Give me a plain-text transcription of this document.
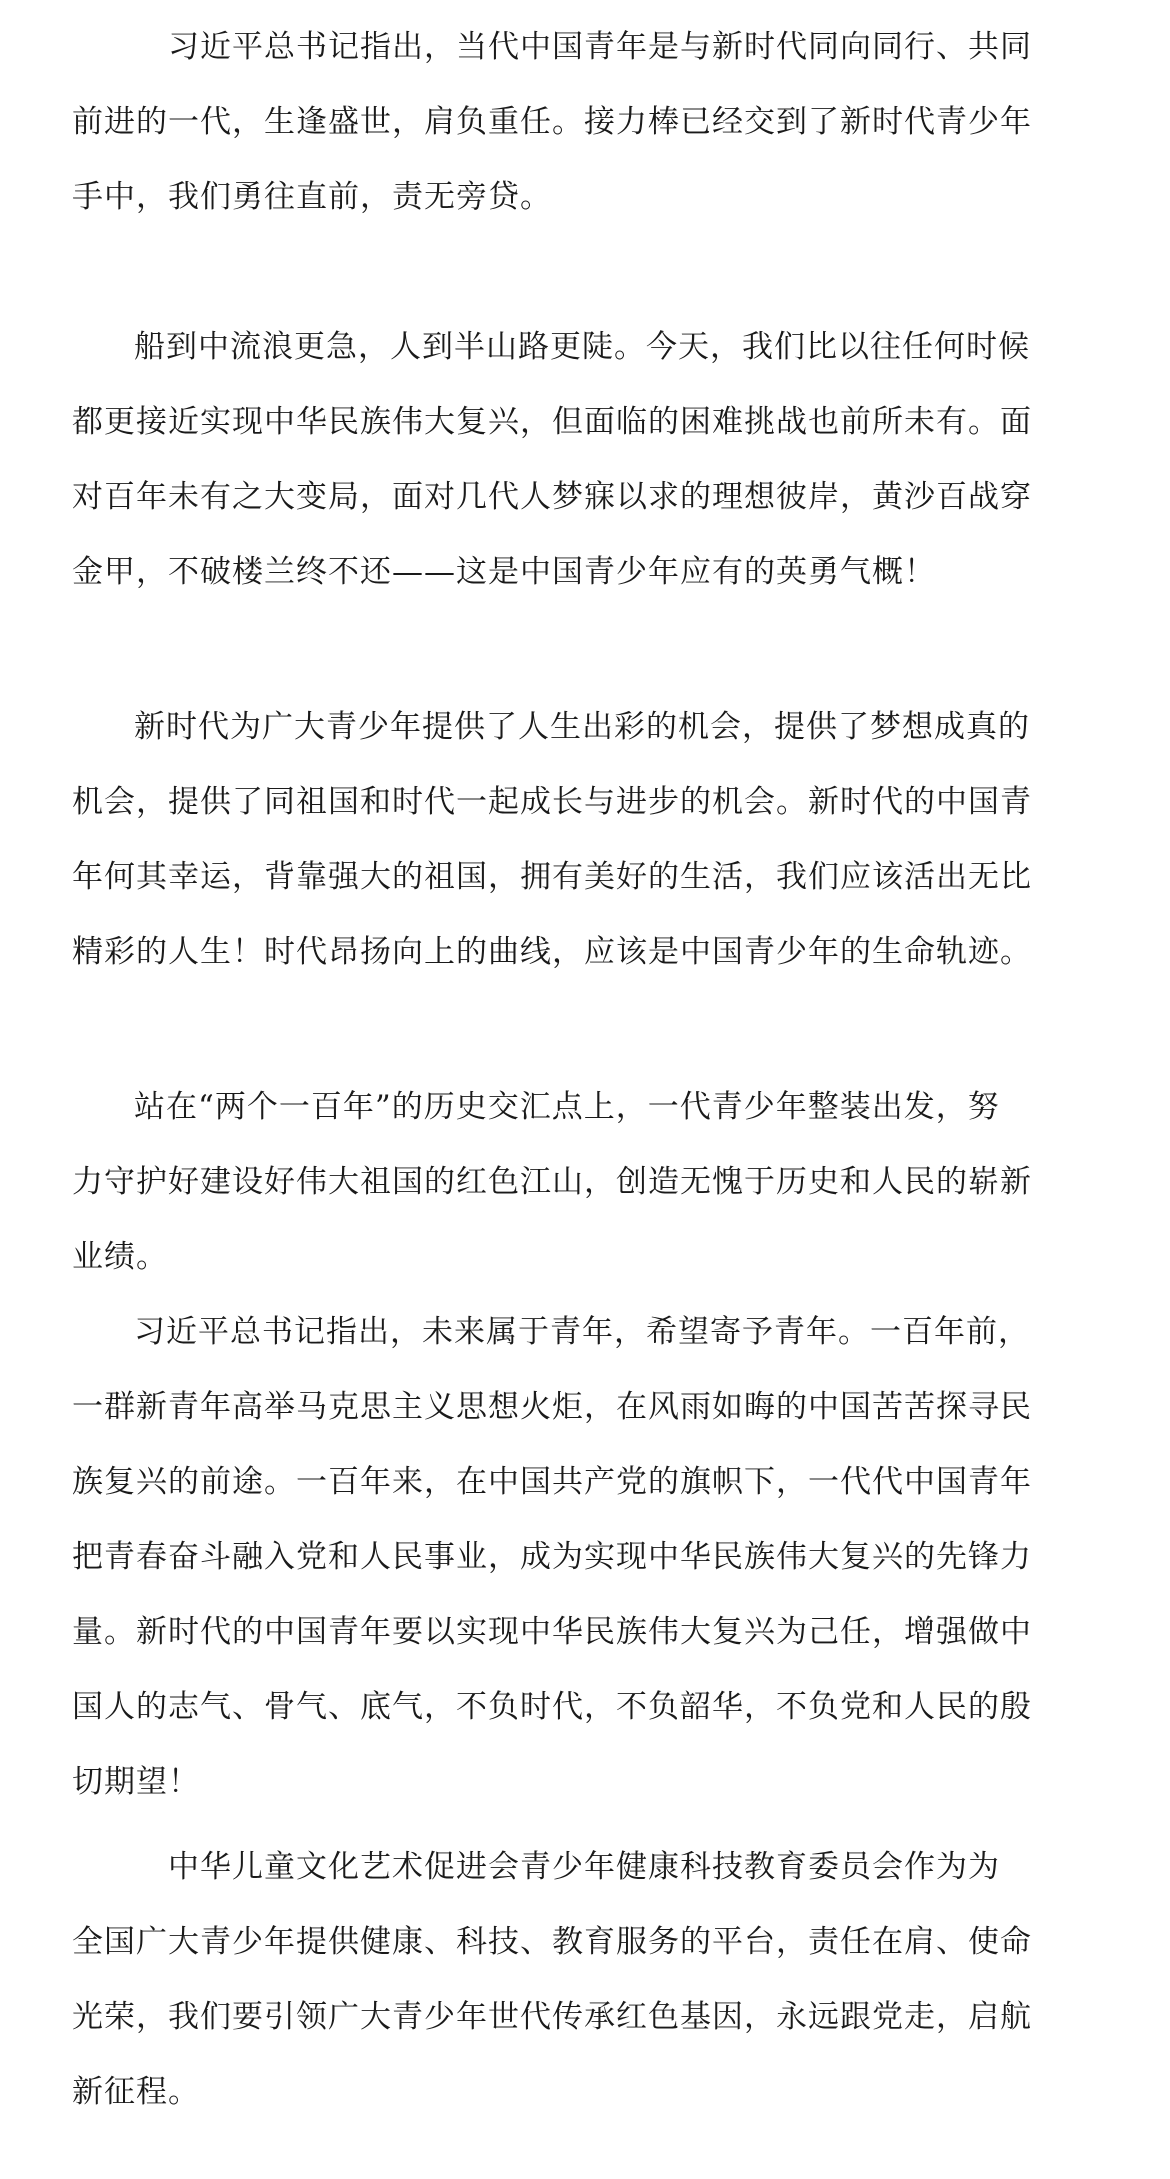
习近平总书记指出，当代中国青年是与新时代同向同行、共同
前进的一代，生逢盛世，肩负重任。接力棒已经交到了新时代青少年
手中，我们勇往直前，责无旁贷。

船到中流浪更急，人到半山路更陡。今天，我们比以往任何时候
都更接近实现中华民族伟大复兴，但面临的困难挑战也前所未有。面
对百年未有之大变局，面对几代人梦寐以求的理想彼岸，黄沙百战穿
金甲，不破楼兰终不还——这是中国青少年应有的英勇气概！

新时代为广大青少年提供了人生出彩的机会，提供了梦想成真的
机会，提供了同祖国和时代一起成长与进步的机会。新时代的中国青
年何其幸运，背靠强大的祖国，拥有美好的生活，我们应该活出无比
精彩的人生！时代昂扬向上的曲线，应该是中国青少年的生命轨迹。

站在“两个一百年”的历史交汇点上，一代青少年整装出发，努
力守护好建设好伟大祖国的红色江山，创造无愧于历史和人民的崭新
业绩。

习近平总书记指出，未来属于青年，希望寄予青年。一百年前，
一群新青年高举马克思主义思想火炬，在风雨如晦的中国苦苦探寻民
族复兴的前途。一百年来，在中国共产党的旗帜下，一代代中国青年
把青春奋斗融入党和人民事业，成为实现中华民族伟大复兴的先锋力
量。新时代的中国青年要以实现中华民族伟大复兴为己任，增强做中
国人的志气、骨气、底气，不负时代，不负韶华，不负党和人民的殷
切期望！

中华儿童文化艺术促进会青少年健康科技教育委员会作为为
全国广大青少年提供健康、科技、教育服务的平台，责任在肩、使命
光荣，我们要引领广大青少年世代传承红色基因，永远跟党走，启航
新征程。
